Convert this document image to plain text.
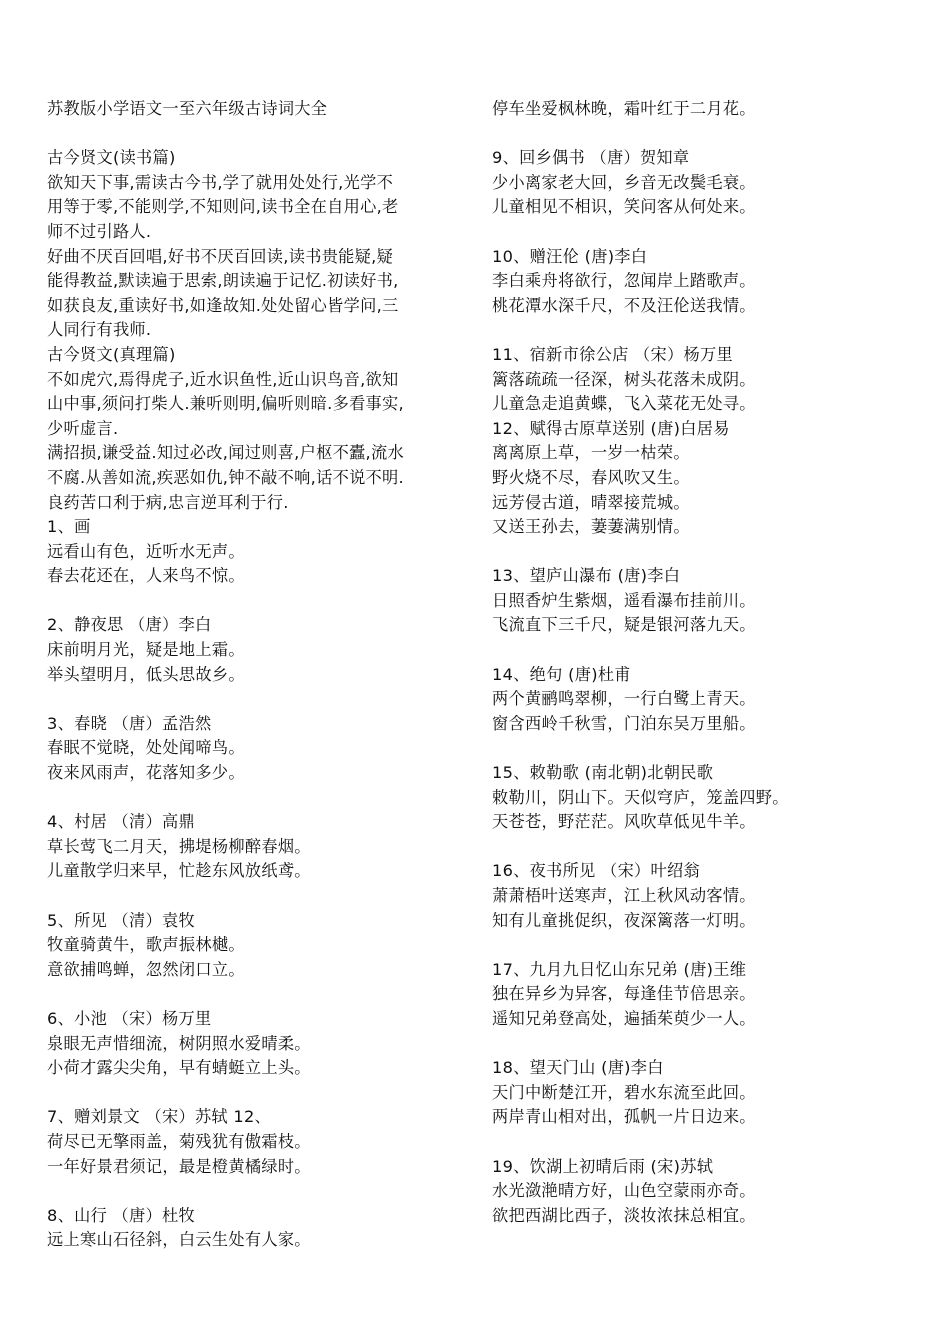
苏教版小学语文一至六年级古诗词大全
古今贤文(读书篇)
欲知天下事,需读古今书,学了就用处处行,光学不
用等于零,不能则学,不知则问,读书全在自用心,老
师不过引路人.
好曲不厌百回唱,好书不厌百回读,读书贵能疑,疑
能得教益,默读遍于思索,朗读遍于记忆.初读好书,
如获良友,重读好书,如逢故知.处处留心皆学问,三
人同行有我师.
古今贤文(真理篇)
不如虎穴,焉得虎子,近水识鱼性,近山识鸟音,欲知
山中事,须问打柴人.兼听则明,偏听则暗.多看事实,
少听虚言.
满招损,谦受益.知过必改,闻过则喜,户枢不蠹,流水
不腐.从善如流,疾恶如仇,钟不敲不响,话不说不明.
良药苦口利于病,忠言逆耳利于行.
1、画
远看山有色，近听水无声。
春去花还在，人来鸟不惊。
2、静夜思 （唐）李白
床前明月光，疑是地上霜。
举头望明月，低头思故乡。
3、春晓 （唐）孟浩然
春眠不觉晓，处处闻啼鸟。
夜来风雨声，花落知多少。
4、村居 （清）高鼎
草长莺飞二月天，拂堤杨柳醉春烟。
儿童散学归来早，忙趁东风放纸鸢。
5、所见 （清）袁牧
牧童骑黄牛，歌声振林樾。
意欲捕鸣蝉，忽然闭口立。
6、小池 （宋）杨万里
泉眼无声惜细流，树阴照水爱晴柔。
小荷才露尖尖角，早有蜻蜓立上头。
7、赠刘景文 （宋）苏轼 12、
荷尽已无擎雨盖，菊残犹有傲霜枝。
一年好景君须记，最是橙黄橘绿时。
8、山行 （唐）杜牧
远上寒山石径斜，白云生处有人家。
停车坐爱枫林晚，霜叶红于二月花。
9、回乡偶书 （唐）贺知章
少小离家老大回，乡音无改鬓毛衰。
儿童相见不相识，笑问客从何处来。
10、赠汪伦 (唐)李白
李白乘舟将欲行，忽闻岸上踏歌声。
桃花潭水深千尺，不及汪伦送我情。
11、宿新市徐公店 （宋）杨万里
篱落疏疏一径深，树头花落未成阴。
儿童急走追黄蝶，飞入菜花无处寻。
12、赋得古原草送别 (唐)白居易
离离原上草，一岁一枯荣。
野火烧不尽，春风吹又生。
远芳侵古道，晴翠接荒城。
又送王孙去，萋萋满别情。
13、望庐山瀑布 (唐)李白
日照香炉生紫烟，遥看瀑布挂前川。
飞流直下三千尺，疑是银河落九天。
14、绝句 (唐)杜甫
两个黄鹂鸣翠柳，一行白鹭上青天。
窗含西岭千秋雪，门泊东吴万里船。
15、敕勒歌 (南北朝)北朝民歌
敕勒川，阴山下。天似穹庐，笼盖四野。
天苍苍，野茫茫。风吹草低见牛羊。
16、夜书所见 （宋）叶绍翁
萧萧梧叶送寒声，江上秋风动客情。
知有儿童挑促织，夜深篱落一灯明。
17、九月九日忆山东兄弟 (唐)王维
独在异乡为异客，每逢佳节倍思亲。
遥知兄弟登高处，遍插茱萸少一人。
18、望天门山 (唐)李白
天门中断楚江开，碧水东流至此回。
两岸青山相对出，孤帆一片日边来。
19、饮湖上初晴后雨 (宋)苏轼
水光潋滟晴方好，山色空蒙雨亦奇。
欲把西湖比西子，淡妆浓抹总相宜。
